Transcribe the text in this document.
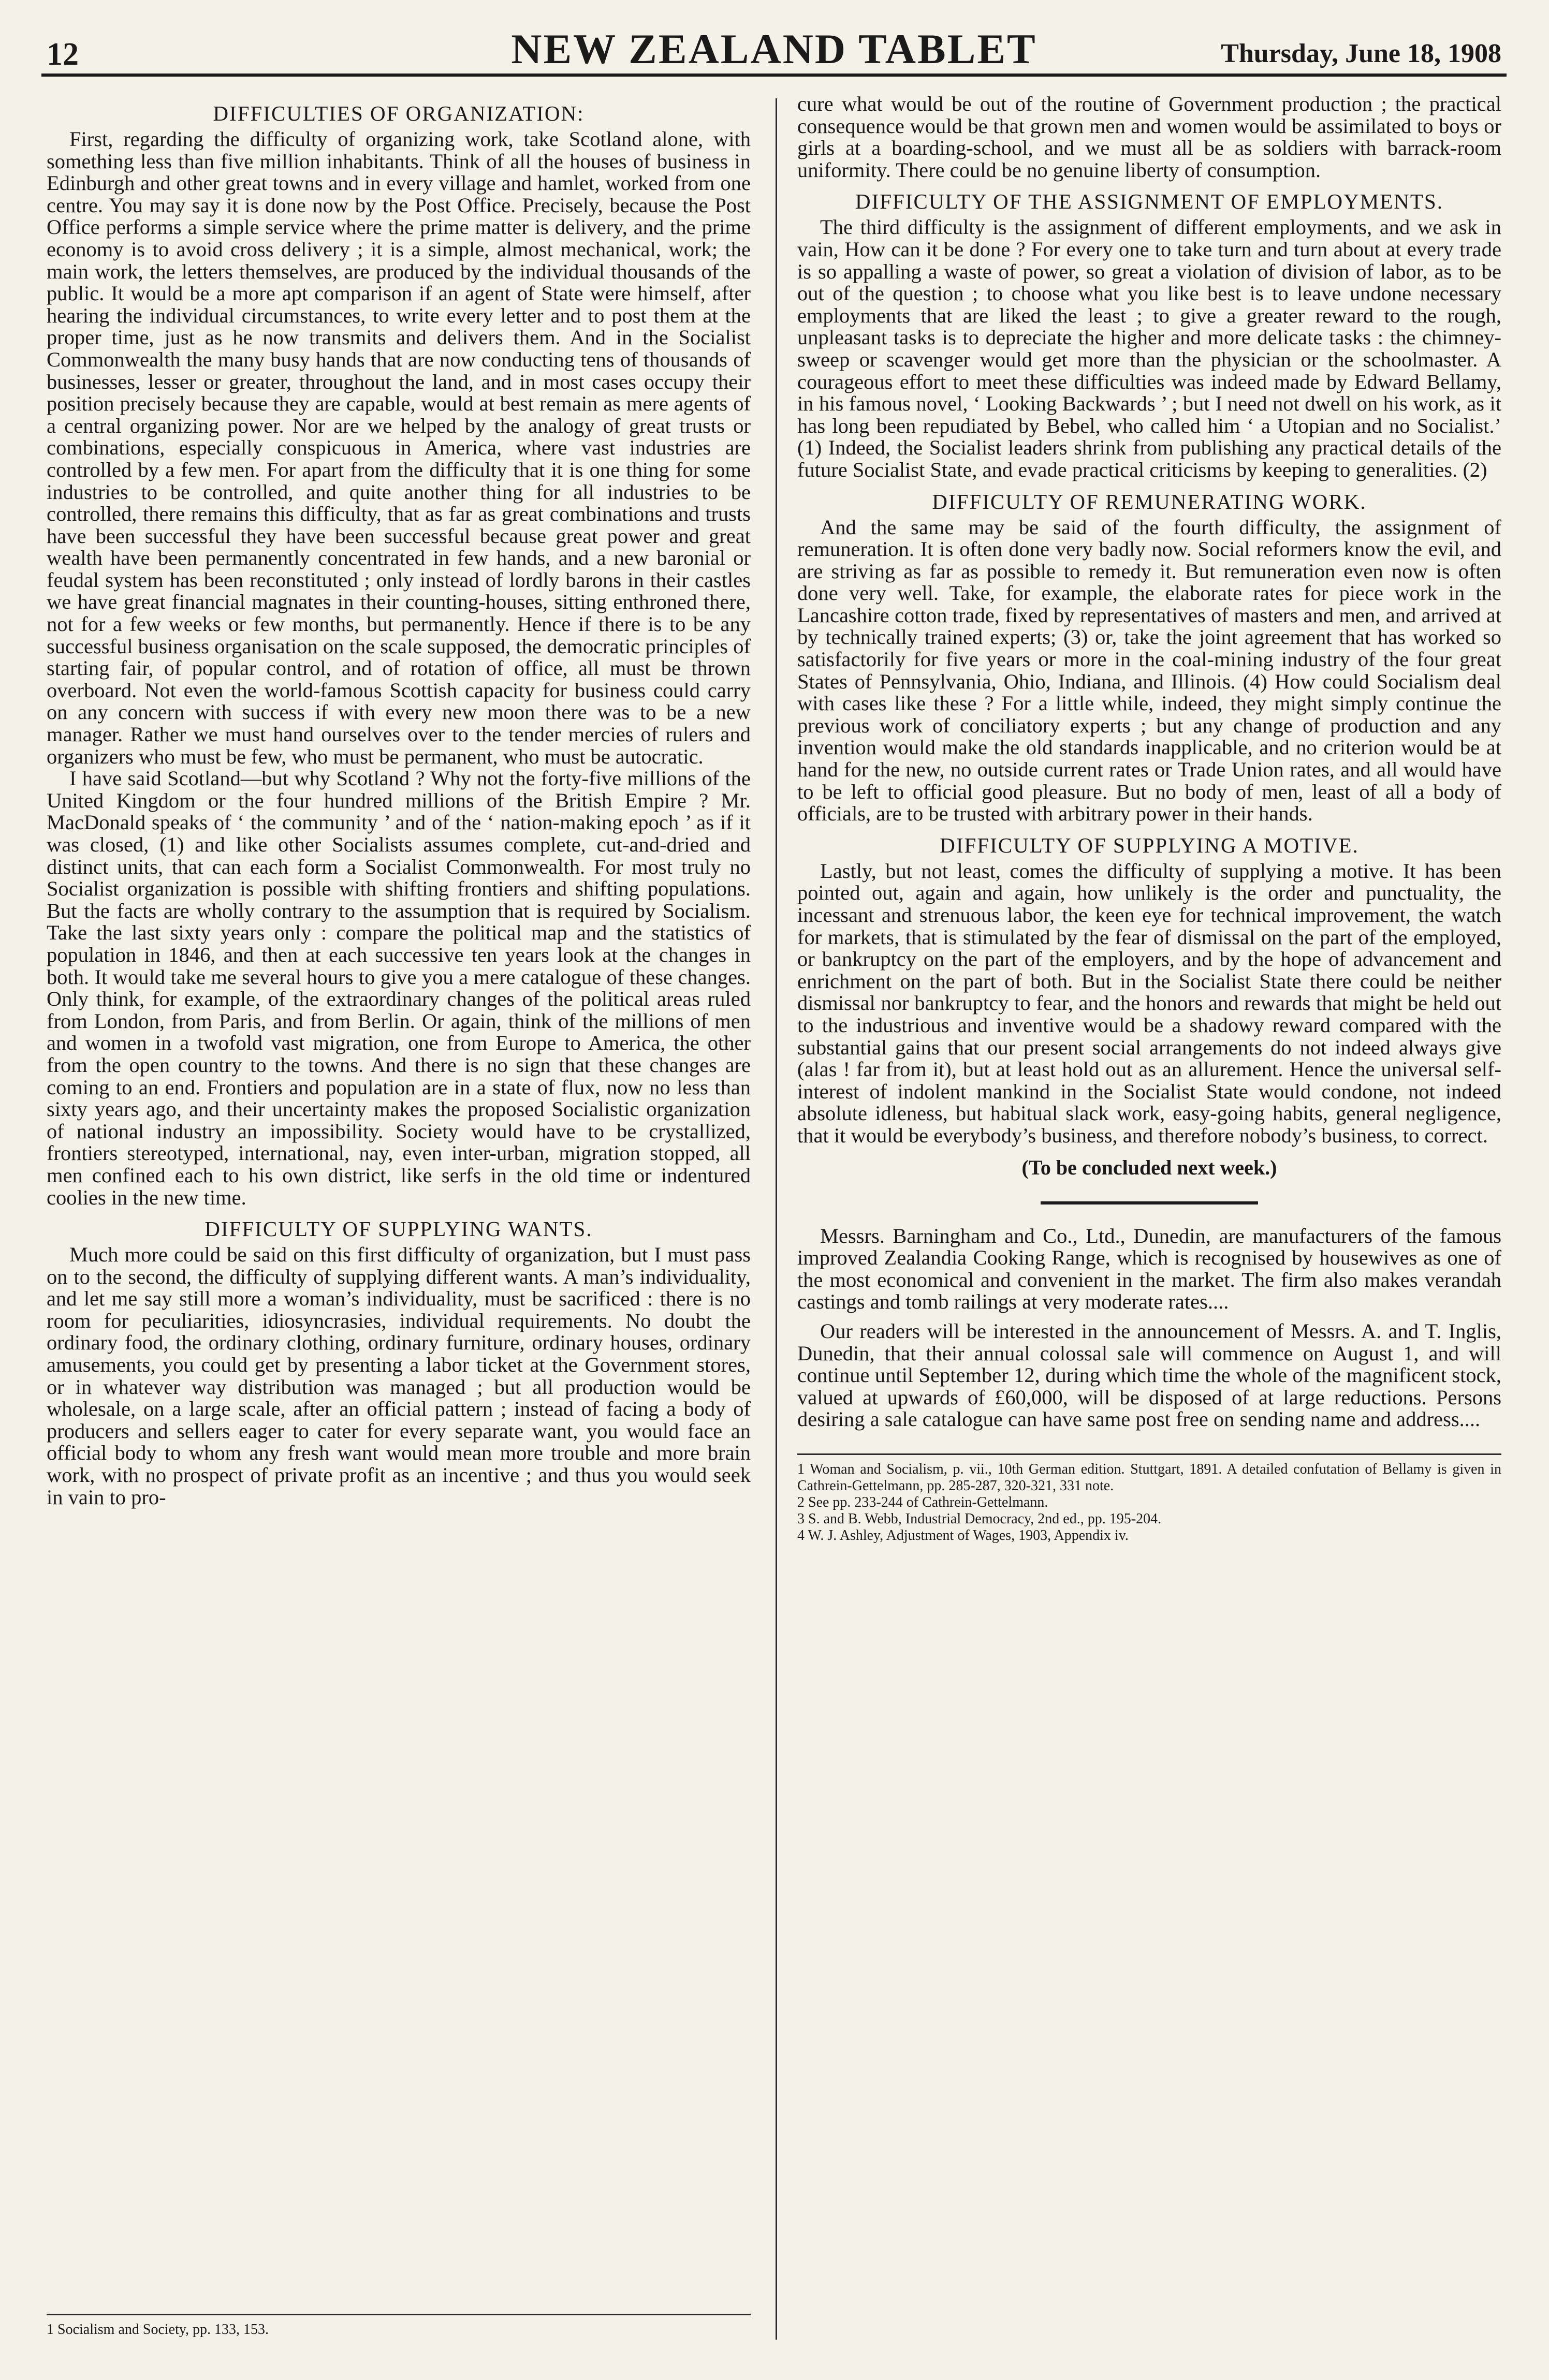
12	NEW ZEALAND TABLET	Thursday, June 18, 1908
DIFFICULTIES OF ORGANIZATION:

First, regarding the difficulty of organizing work, take Scotland alone, with something less than five million inhabitants. Think of all the houses of business in Edinburgh and other great towns and in every village and hamlet, worked from one centre. You may say it is done now by the Post Office. Precisely, because the Post Office performs a simple service where the prime matter is delivery, and the prime economy is to avoid cross delivery ; it is a simple, almost mechanical, work; the main work, the letters themselves, are produced by the individual thousands of the public. It would be a more apt comparison if an agent of State were himself, after hearing the individual circumstances, to write every letter and to post them at the proper time, just as he now transmits and delivers them. And in the Socialist Commonwealth the many busy hands that are now conducting tens of thousands of businesses, lesser or greater, throughout the land, and in most cases occupy their position precisely because they are capable, would at best remain as mere agents of a central organizing power. Nor are we helped by the analogy of great trusts or combinations, especially conspicuous in America, where vast industries are controlled by a few men. For apart from the difficulty that it is one thing for some industries to be controlled, and quite another thing for all industries to be controlled, there remains this difficulty, that as far as great combinations and trusts have been successful they have been successful because great power and great wealth have been permanently concentrated in few hands, and a new baronial or feudal system has been reconstituted ; only instead of lordly barons in their castles we have great financial magnates in their counting-houses, sitting enthroned there, not for a few weeks or few months, but permanently. Hence if there is to be any successful business organisation on the scale supposed, the democratic principles of starting fair, of popular control, and of rotation of office, all must be thrown overboard. Not even the world-famous Scottish capacity for business could carry on any concern with success if with every new moon there was to be a new manager. Rather we must hand ourselves over to the tender mercies of rulers and organizers who must be few, who must be permanent, who must be autocratic.

I have said Scotland—but why Scotland ? Why not the forty-five millions of the United Kingdom or the four hundred millions of the British Empire ? Mr. MacDonald speaks of ‘ the community ’ and of the ‘ nation-making epoch ’ as if it was closed, (1) and like other Socialists assumes complete, cut-and-dried and distinct units, that can each form a Socialist Commonwealth. For most truly no Socialist organization is possible with shifting frontiers and shifting populations. But the facts are wholly contrary to the assumption that is required by Socialism. Take the last sixty years only : compare the political map and the statistics of population in 1846, and then at each successive ten years look at the changes in both. It would take me several hours to give you a mere catalogue of these changes. Only think, for example, of the extraordinary changes of the political areas ruled from London, from Paris, and from Berlin. Or again, think of the millions of men and women in a twofold vast migration, one from Europe to America, the other from the open country to the towns. And there is no sign that these changes are coming to an end. Frontiers and population are in a state of flux, now no less than sixty years ago, and their uncertainty makes the proposed Socialistic organization of national industry an impossibility. Society would have to be crystallized, frontiers stereotyped, international, nay, even inter-urban, migration stopped, all men confined each to his own district, like serfs in the old time or indentured coolies in the new time.

DIFFICULTY OF SUPPLYING WANTS.

Much more could be said on this first difficulty of organization, but I must pass on to the second, the difficulty of supplying different wants. A man’s individuality, and let me say still more a woman’s individuality, must be sacrificed : there is no room for peculiarities, idiosyncrasies, individual requirements. No doubt the ordinary food, the ordinary clothing, ordinary furniture, ordinary houses, ordinary amusements, you could get by presenting a labor ticket at the Government stores, or in whatever way distribution was managed ; but all production would be wholesale, on a large scale, after an official pattern ; instead of facing a body of producers and sellers eager to cater for every separate want, you would face an official body to whom any fresh want would mean more trouble and more brain work, with no prospect of private profit as an incentive ; and thus you would seek in vain to pro-

1 Socialism and Society, pp. 133, 153.

cure what would be out of the routine of Government production ; the practical consequence would be that grown men and women would be assimilated to boys or girls at a boarding-school, and we must all be as soldiers with barrack-room uniformity. There could be no genuine liberty of consumption.

DIFFICULTY OF THE ASSIGNMENT OF EMPLOYMENTS.

The third difficulty is the assignment of different employments, and we ask in vain, How can it be done ? For every one to take turn and turn about at every trade is so appalling a waste of power, so great a violation of division of labor, as to be out of the question ; to choose what you like best is to leave undone necessary employments that are liked the least ; to give a greater reward to the rough, unpleasant tasks is to depreciate the higher and more delicate tasks : the chimney-sweep or scavenger would get more than the physician or the schoolmaster. A courageous effort to meet these difficulties was indeed made by Edward Bellamy, in his famous novel, ‘ Looking Backwards ’ ; but I need not dwell on his work, as it has long been repudiated by Bebel, who called him ‘ a Utopian and no Socialist.’ (1) Indeed, the Socialist leaders shrink from publishing any practical details of the future Socialist State, and evade practical criticisms by keeping to generalities. (2)

DIFFICULTY OF REMUNERATING WORK.

And the same may be said of the fourth difficulty, the assignment of remuneration. It is often done very badly now. Social reformers know the evil, and are striving as far as possible to remedy it. But remuneration even now is often done very well. Take, for example, the elaborate rates for piece work in the Lancashire cotton trade, fixed by representatives of masters and men, and arrived at by technically trained experts; (3) or, take the joint agreement that has worked so satisfactorily for five years or more in the coal-mining industry of the four great States of Pennsylvania, Ohio, Indiana, and Illinois. (4) How could Socialism deal with cases like these ? For a little while, indeed, they might simply continue the previous work of conciliatory experts ; but any change of production and any invention would make the old standards inapplicable, and no criterion would be at hand for the new, no outside current rates or Trade Union rates, and all would have to be left to official good pleasure. But no body of men, least of all a body of officials, are to be trusted with arbitrary power in their hands.

DIFFICULTY OF SUPPLYING A MOTIVE.

Lastly, but not least, comes the difficulty of supplying a motive. It has been pointed out, again and again, how unlikely is the order and punctuality, the incessant and strenuous labor, the keen eye for technical improvement, the watch for markets, that is stimulated by the fear of dismissal on the part of the employed, or bankruptcy on the part of the employers, and by the hope of advancement and enrichment on the part of both. But in the Socialist State there could be neither dismissal nor bankruptcy to fear, and the honors and rewards that might be held out to the industrious and inventive would be a shadowy reward compared with the substantial gains that our present social arrangements do not indeed always give (alas ! far from it), but at least hold out as an allurement. Hence the universal self-interest of indolent mankind in the Socialist State would condone, not indeed absolute idleness, but habitual slack work, easy-going habits, general negligence, that it would be everybody’s business, and therefore nobody’s business, to correct.

(To be concluded next week.)

Messrs. Barningham and Co., Ltd., Dunedin, are manufacturers of the famous improved Zealandia Cooking Range, which is recognised by housewives as one of the most economical and convenient in the market. The firm also makes verandah castings and tomb railings at very moderate rates....

Our readers will be interested in the announcement of Messrs. A. and T. Inglis, Dunedin, that their annual colossal sale will commence on August 1, and will continue until September 12, during which time the whole of the magnificent stock, valued at upwards of £60,000, will be disposed of at large reductions. Persons desiring a sale catalogue can have same post free on sending name and address....

1 Woman and Socialism, p. vii., 10th German edition. Stuttgart, 1891. A detailed confutation of Bellamy is given in Cathrein-Gettelmann, pp. 285-287, 320-321, 331 note.

2 See pp. 233-244 of Cathrein-Gettelmann.

3 S. and B. Webb, Industrial Democracy, 2nd ed., pp. 195-204.

4 W. J. Ashley, Adjustment of Wages, 1903, Appendix iv.
